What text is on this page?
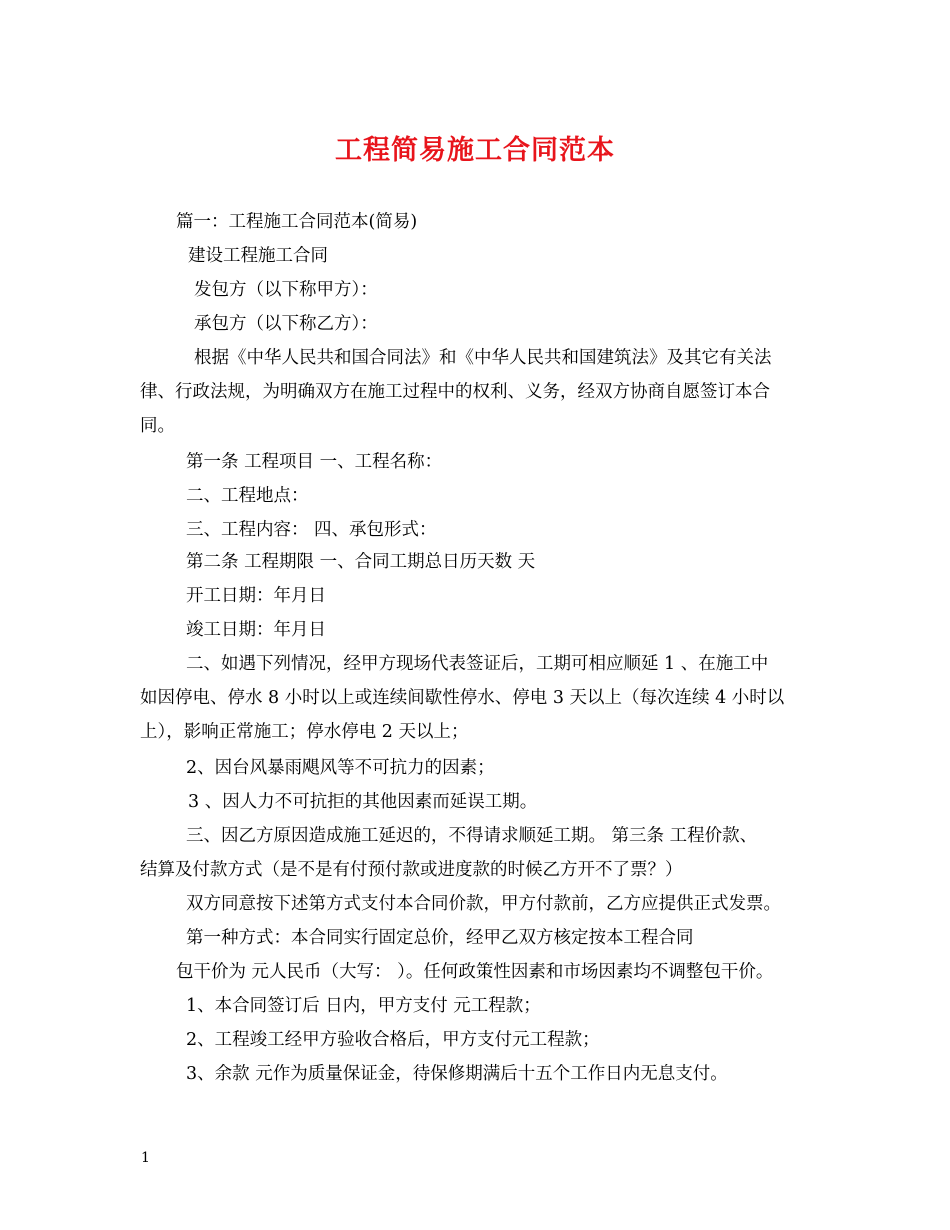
工程简易施工合同范本
篇一：工程施工合同范本(简易)
建设工程施工合同
发包方（以下称甲方）：
承包方（以下称乙方）：
根据《中华人民共和国合同法》和《中华人民共和国建筑法》及其它有关法
律、行政法规，为明确双方在施工过程中的权利、义务，经双方协商自愿签订本合
同。
第一条 工程项目 一、工程名称：
二、工程地点：
三、工程内容： 四、承包形式：
第二条 工程期限 一、合同工期总日历天数 天
开工日期：年月日
竣工日期：年月日
二、如遇下列情况，经甲方现场代表签证后，工期可相应顺延 1 、在施工中
如因停电、停水 8 小时以上或连续间歇性停水、停电 3 天以上（每次连续 4 小时以
上），影响正常施工；停水停电 2 天以上；
2、因台风暴雨飓风等不可抗力的因素；
3 、因人力不可抗拒的其他因素而延误工期。
三、因乙方原因造成施工延迟的，不得请求顺延工期。 第三条 工程价款、
结算及付款方式（是不是有付预付款或进度款的时候乙方开不了票？）
双方同意按下述第方式支付本合同价款，甲方付款前，乙方应提供正式发票。
第一种方式：本合同实行固定总价，经甲乙双方核定按本工程合同
包干价为 元人民币（大写： ）。任何政策性因素和市场因素均不调整包干价。
1、本合同签订后 日内，甲方支付 元工程款；
2、工程竣工经甲方验收合格后，甲方支付元工程款；
3、余款 元作为质量保证金，待保修期满后十五个工作日内无息支付。
1
